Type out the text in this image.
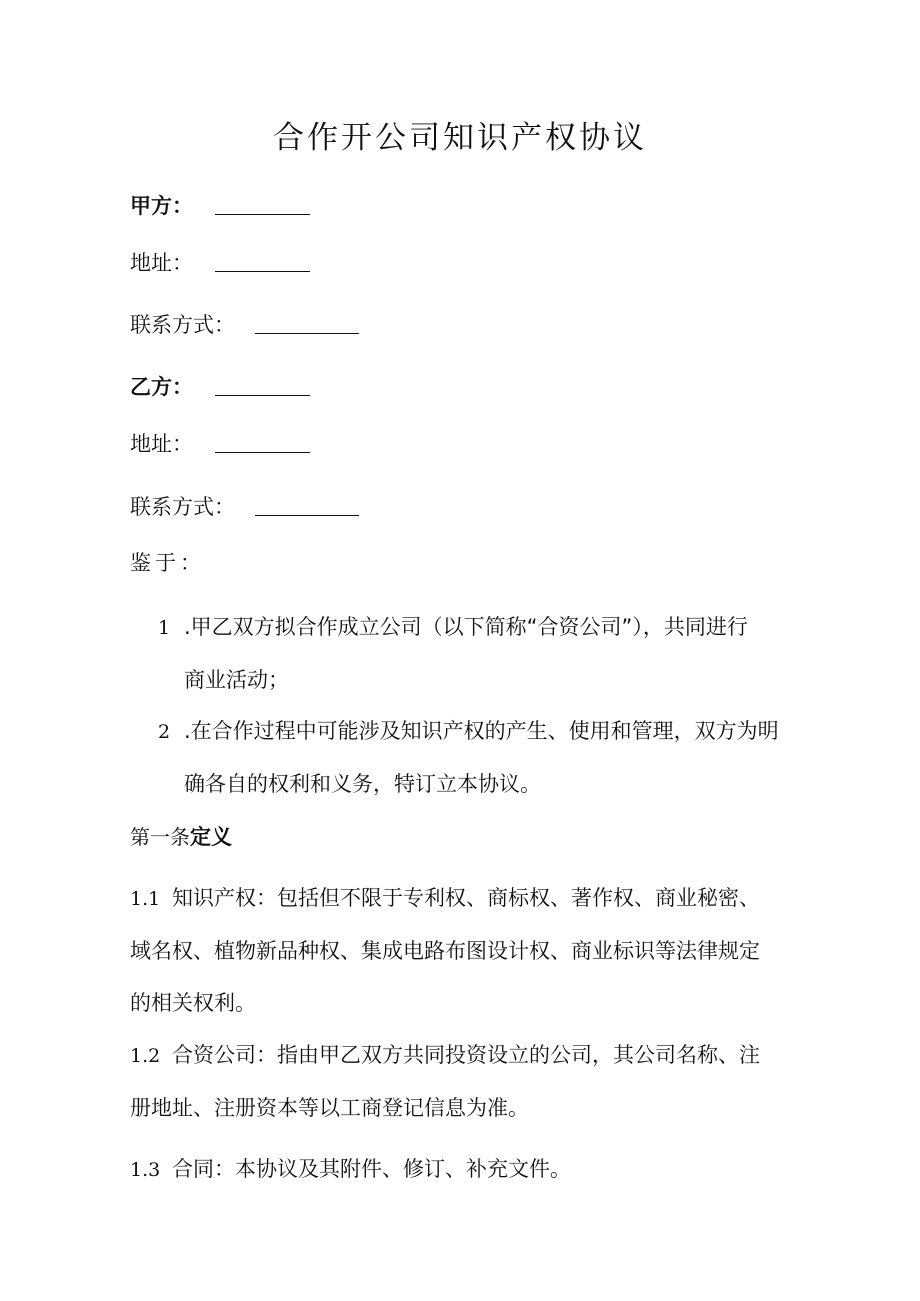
合作开公司知识产权协议
甲方：
地址：
联系方式：
乙方：
地址：
联系方式：
鉴于：
1 .甲乙双方拟合作成立公司（以下简称“合资公司”），共同进行
商业活动；
2 .在合作过程中可能涉及知识产权的产生、使用和管理，双方为明
确各自的权利和义务，特订立本协议。
第一条定义
1.1 知识产权：包括但不限于专利权、商标权、著作权、商业秘密、
域名权、植物新品种权、集成电路布图设计权、商业标识等法律规定
的相关权利。
1.2 合资公司：指由甲乙双方共同投资设立的公司，其公司名称、注
册地址、注册资本等以工商登记信息为准。
1.3 合同：本协议及其附件、修订、补充文件。
